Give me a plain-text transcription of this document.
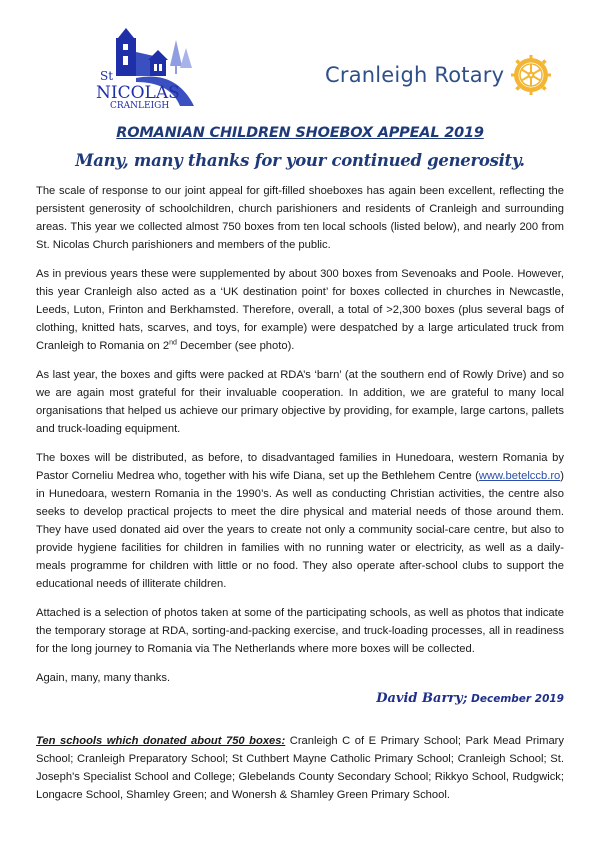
St
NICOLAS
CRANLEIGH
Cranleigh Rotary
ROMANIAN CHILDREN SHOEBOX APPEAL 2019
Many, many thanks for your continued generosity.

The scale of response to our joint appeal for gift-filled shoeboxes has again been excellent, reflecting the persistent generosity of schoolchildren, church parishioners and residents of Cranleigh and surrounding areas. This year we collected almost 750 boxes from ten local schools (listed below), and nearly 200 from St. Nicolas Church parishioners and members of the public.

As in previous years these were supplemented by about 300 boxes from Sevenoaks and Poole. However, this year Cranleigh also acted as a ‘UK destination point’ for boxes collected in churches in Newcastle, Leeds, Luton, Frinton and Berkhamsted. Therefore, overall, a total of >2,300 boxes (plus several bags of clothing, knitted hats, scarves, and toys, for example) were despatched by a large articulated truck from Cranleigh to Romania on 2nd December (see photo).

As last year, the boxes and gifts were packed at RDA’s ‘barn’ (at the southern end of Rowly Drive) and so we are again most grateful for their invaluable cooperation. In addition, we are grateful to many local organisations that helped us achieve our primary objective by providing, for example, large cartons, pallets and truck-loading equipment.

The boxes will be distributed, as before, to disadvantaged families in Hunedoara, western Romania by Pastor Corneliu Medrea who, together with his wife Diana, set up the Bethlehem Centre (www.betelccb.ro) in Hunedoara, western Romania in the 1990’s. As well as conducting Christian activities, the centre also seeks to develop practical projects to meet the dire physical and material needs of those around them. They have used donated aid over the years to create not only a community social-care centre, but also to provide hygiene facilities for children in families with no running water or electricity, as well as a daily-meals programme for children with little or no food. They also operate after-school clubs to support the educational needs of illiterate children.

Attached is a selection of photos taken at some of the participating schools, as well as photos that indicate the temporary storage at RDA, sorting-and-packing exercise, and truck-loading processes, all in readiness for the long journey to Romania via The Netherlands where more boxes will be collected.

Again, many, many thanks.

David Barry; December 2019

Ten schools which donated about 750 boxes: Cranleigh C of E Primary School; Park Mead Primary School; Cranleigh Preparatory School; St Cuthbert Mayne Catholic Primary School; Cranleigh School; St. Joseph's Specialist School and College; Glebelands County Secondary School; Rikkyo School, Rudgwick; Longacre School, Shamley Green; and Wonersh & Shamley Green Primary School.
